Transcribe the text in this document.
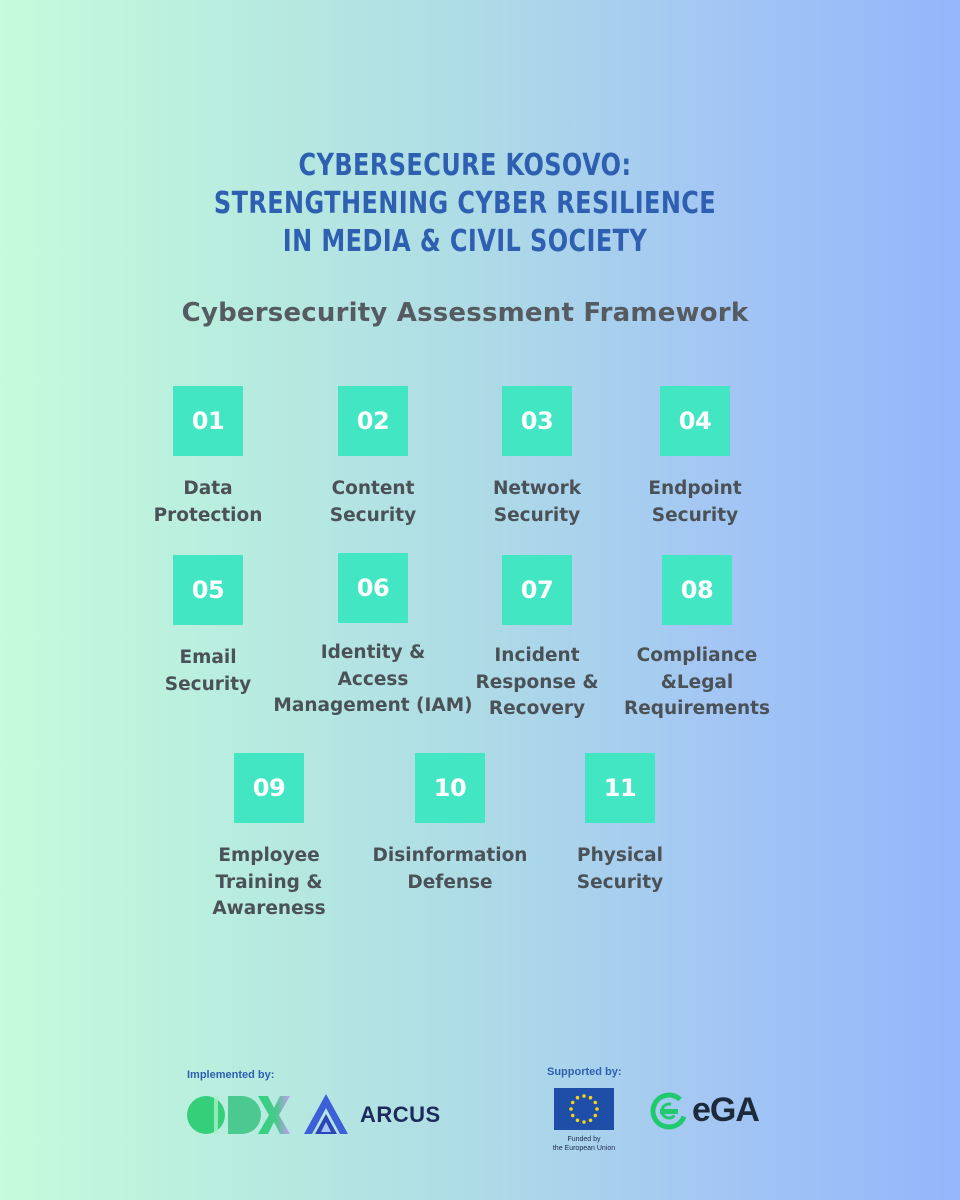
CYBERSECURE KOSOVO:
STRENGTHENING CYBER RESILIENCE
IN MEDIA & CIVIL SOCIETY
Cybersecurity Assessment Framework
01
Data
Protection
02
Content
Security
03
Network
Security
04
Endpoint
Security
05
Email
Security
06
Identity &
Access
Management (IAM)
07
Incident
Response &
Recovery
08
Compliance
&Legal
Requirements
09
Employee
Training &
Awareness
10
Disinformation
Defense
11
Physical
Security
Implemented by:	Supported by:
ARCUS
Funded by
the European Union
eGA
